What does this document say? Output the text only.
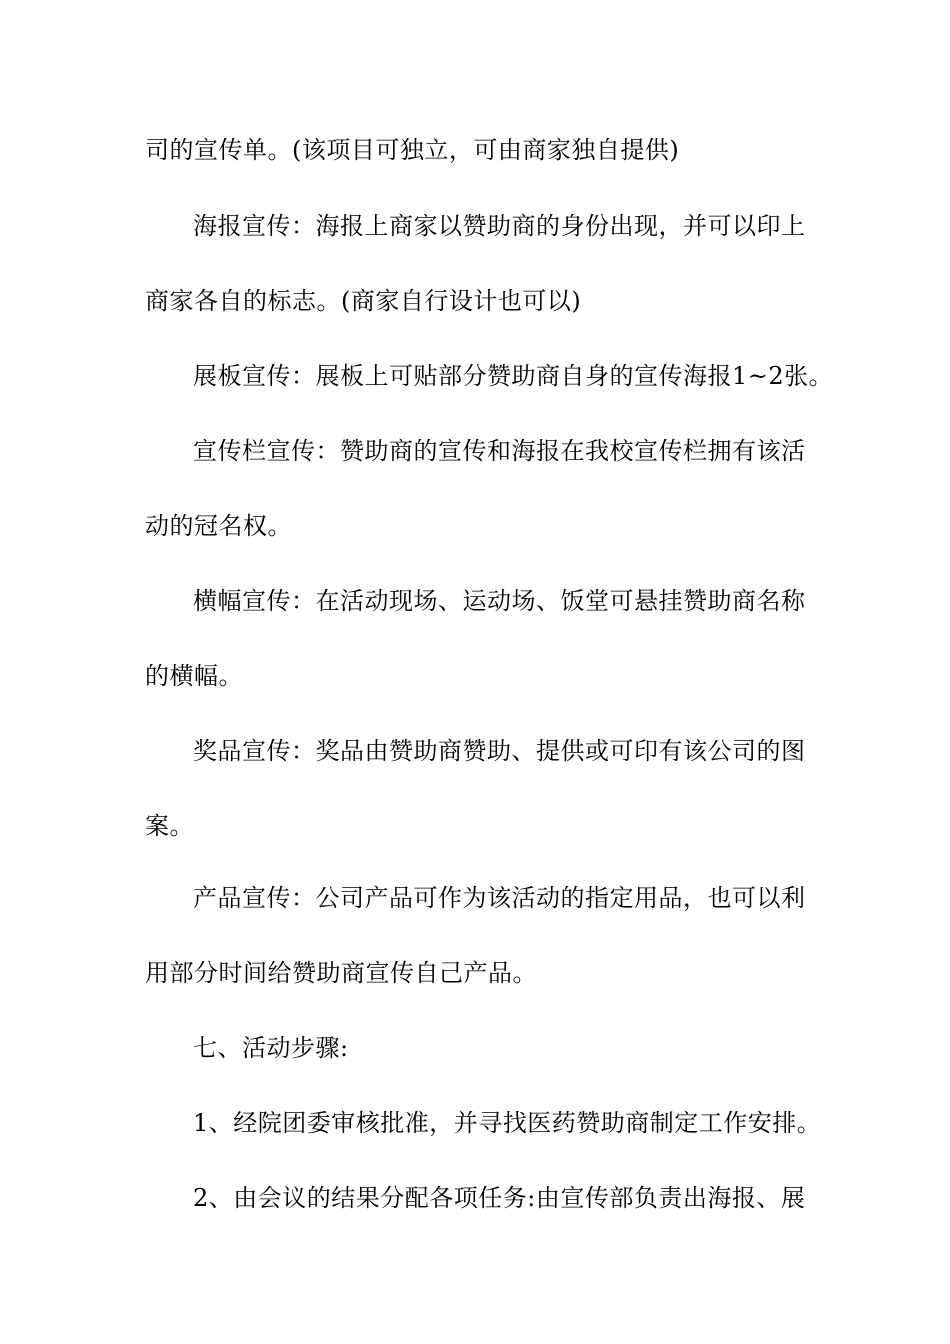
司的宣传单。(该项目可独立，可由商家独自提供)
海报宣传：海报上商家以赞助商的身份出现，并可以印上
商家各自的标志。(商家自行设计也可以)
展板宣传：展板上可贴部分赞助商自身的宣传海报1~2张。
宣传栏宣传：赞助商的宣传和海报在我校宣传栏拥有该活
动的冠名权。
横幅宣传：在活动现场、运动场、饭堂可悬挂赞助商名称
的横幅。
奖品宣传：奖品由赞助商赞助、提供或可印有该公司的图
案。
产品宣传：公司产品可作为该活动的指定用品，也可以利
用部分时间给赞助商宣传自己产品。
七、活动步骤:
1、经院团委审核批准，并寻找医药赞助商制定工作安排。
2、由会议的结果分配各项任务:由宣传部负责出海报、展
